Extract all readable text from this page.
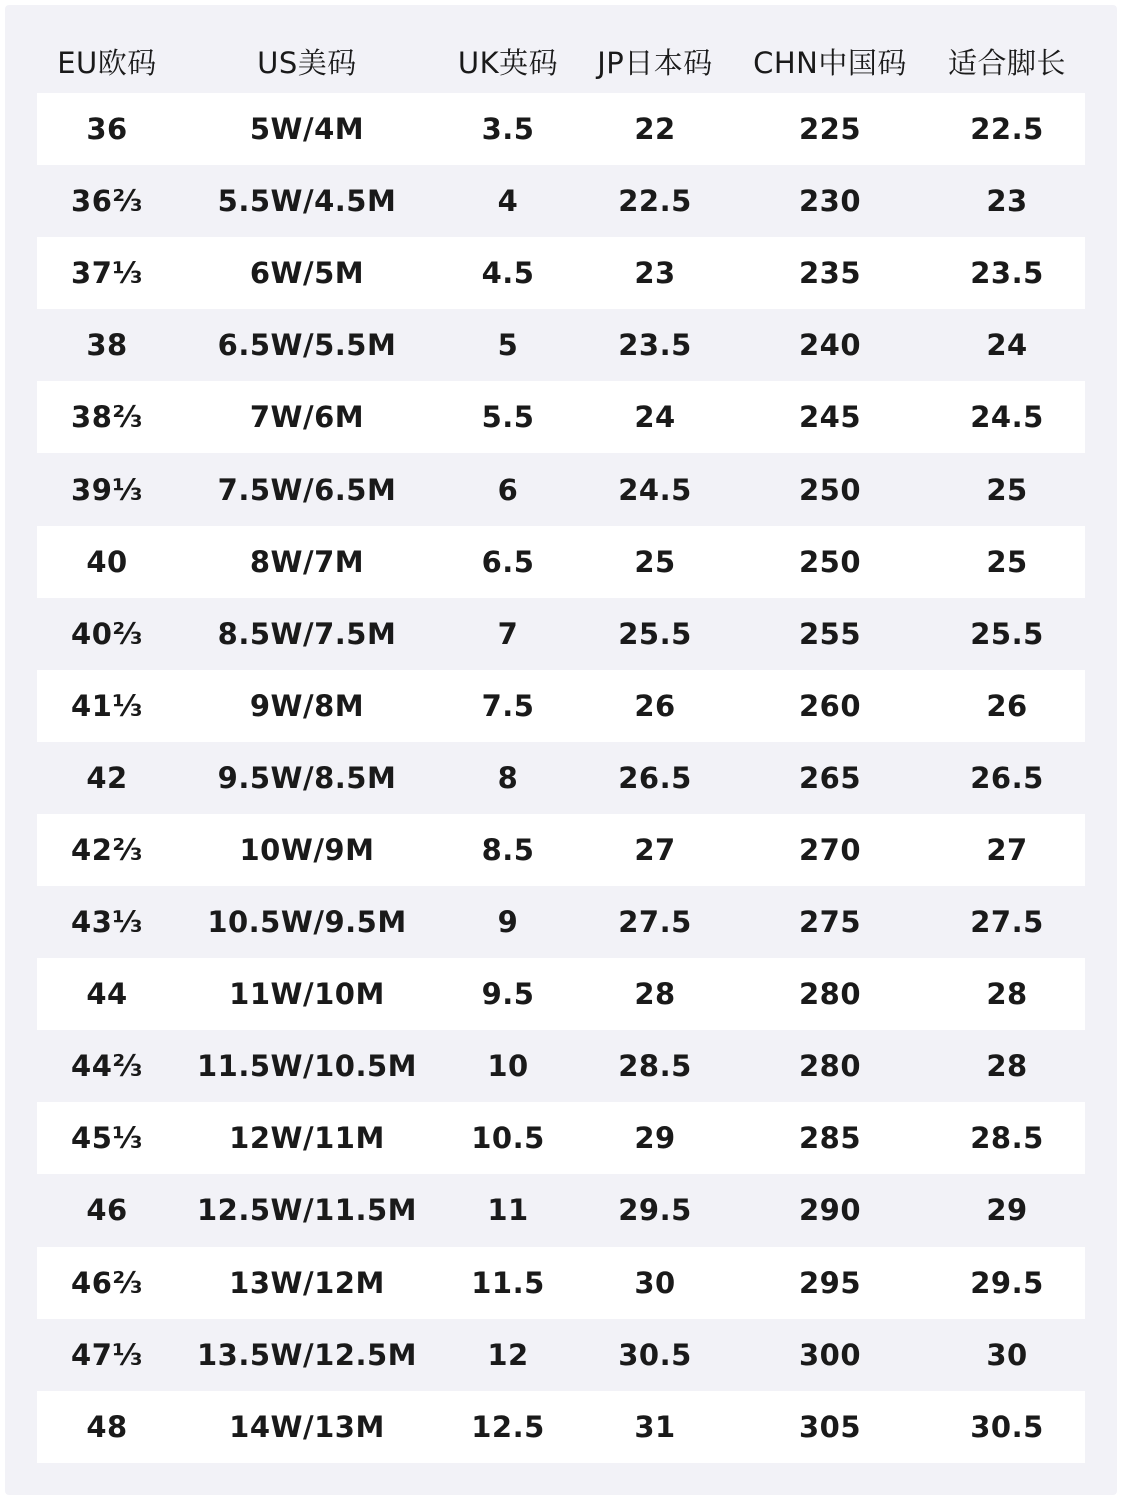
EU欧码	US美码	UK英码	JP日本码	CHN中国码	适合脚长
36	5W/4M	3.5	22	225	22.5
36⅔	5.5W/4.5M	4	22.5	230	23
37⅓	6W/5M	4.5	23	235	23.5
38	6.5W/5.5M	5	23.5	240	24
38⅔	7W/6M	5.5	24	245	24.5
39⅓	7.5W/6.5M	6	24.5	250	25
40	8W/7M	6.5	25	250	25
40⅔	8.5W/7.5M	7	25.5	255	25.5
41⅓	9W/8M	7.5	26	260	26
42	9.5W/8.5M	8	26.5	265	26.5
42⅔	10W/9M	8.5	27	270	27
43⅓	10.5W/9.5M	9	27.5	275	27.5
44	11W/10M	9.5	28	280	28
44⅔	11.5W/10.5M	10	28.5	280	28
45⅓	12W/11M	10.5	29	285	28.5
46	12.5W/11.5M	11	29.5	290	29
46⅔	13W/12M	11.5	30	295	29.5
47⅓	13.5W/12.5M	12	30.5	300	30
48	14W/13M	12.5	31	305	30.5
